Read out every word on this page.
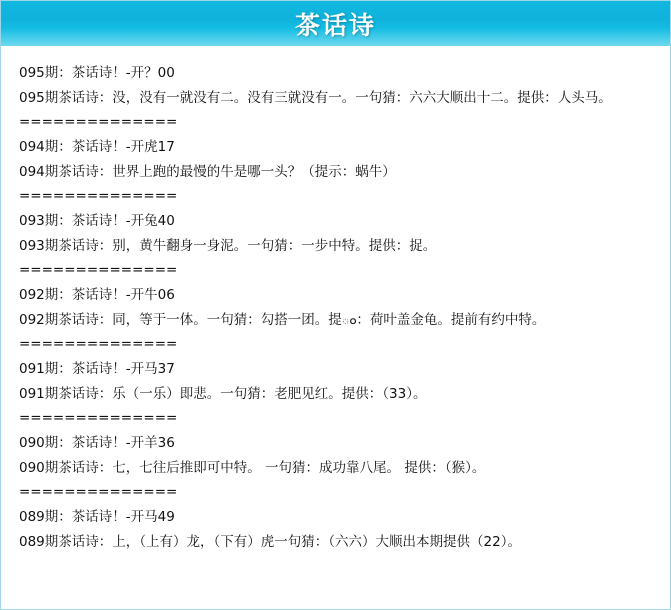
茶话诗
095期：茶话诗！-开？00
095期茶话诗：没，没有一就没有二。没有三就没有一。一句猜：六六大顺出十二。提供：人头马。
==============
094期：茶话诗！-开虎17
094期茶话诗：世界上跑的最慢的牛是哪一头？（提示：蜗牛）
==============
093期：茶话诗！-开兔40
093期茶话诗：别，黄牛翻身一身泥。一句猜：一步中特。提供：捉。
==============
092期：茶话诗！-开牛06
092期茶话诗：同，等于一体。一句猜：勾搭一团。提ం：荷叶盖金龟。提前有约中特。
==============
091期：茶话诗！-开马37
091期茶话诗：乐（一乐）即悲。一句猜：老肥见红。提供：（33）。
==============
090期：茶话诗！-开羊36
090期茶话诗：七，七往后推即可中特。 一句猜：成功靠八尾。 提供：（猴）。
==============
089期：茶话诗！-开马49
089期茶话诗：上，（上有）龙，（下有）虎一句猜：（六六）大顺出本期提供（22）。
